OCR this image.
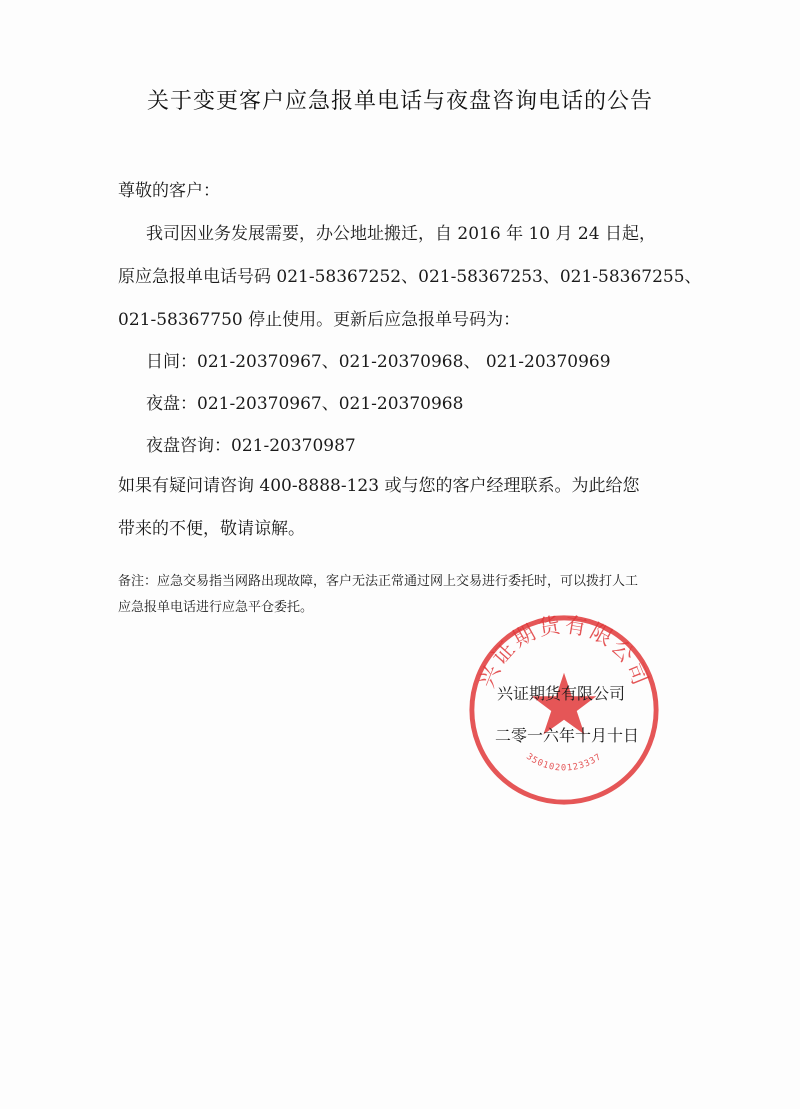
关于变更客户应急报单电话与夜盘咨询电话的公告
尊敬的客户：
我司因业务发展需要，办公地址搬迁，自 2016 年 10 月 24 日起，
原应急报单电话号码 021-58367252、021-58367253、021-58367255、
021-58367750 停止使用。更新后应急报单号码为：
日间：021-20370967、021-20370968、 021-20370969
夜盘：021-20370967、021-20370968
夜盘咨询：021-20370987
如果有疑问请咨询 400-8888-123 或与您的客户经理联系。为此给您
带来的不便，敬请谅解。
备注：应急交易指当网路出现故障，客户无法正常通过网上交易进行委托时，可以拨打人工
应急报单电话进行应急平仓委托。
兴证期货有限公司
3501020123337
兴证期货有限公司
二零一六年十月十日
